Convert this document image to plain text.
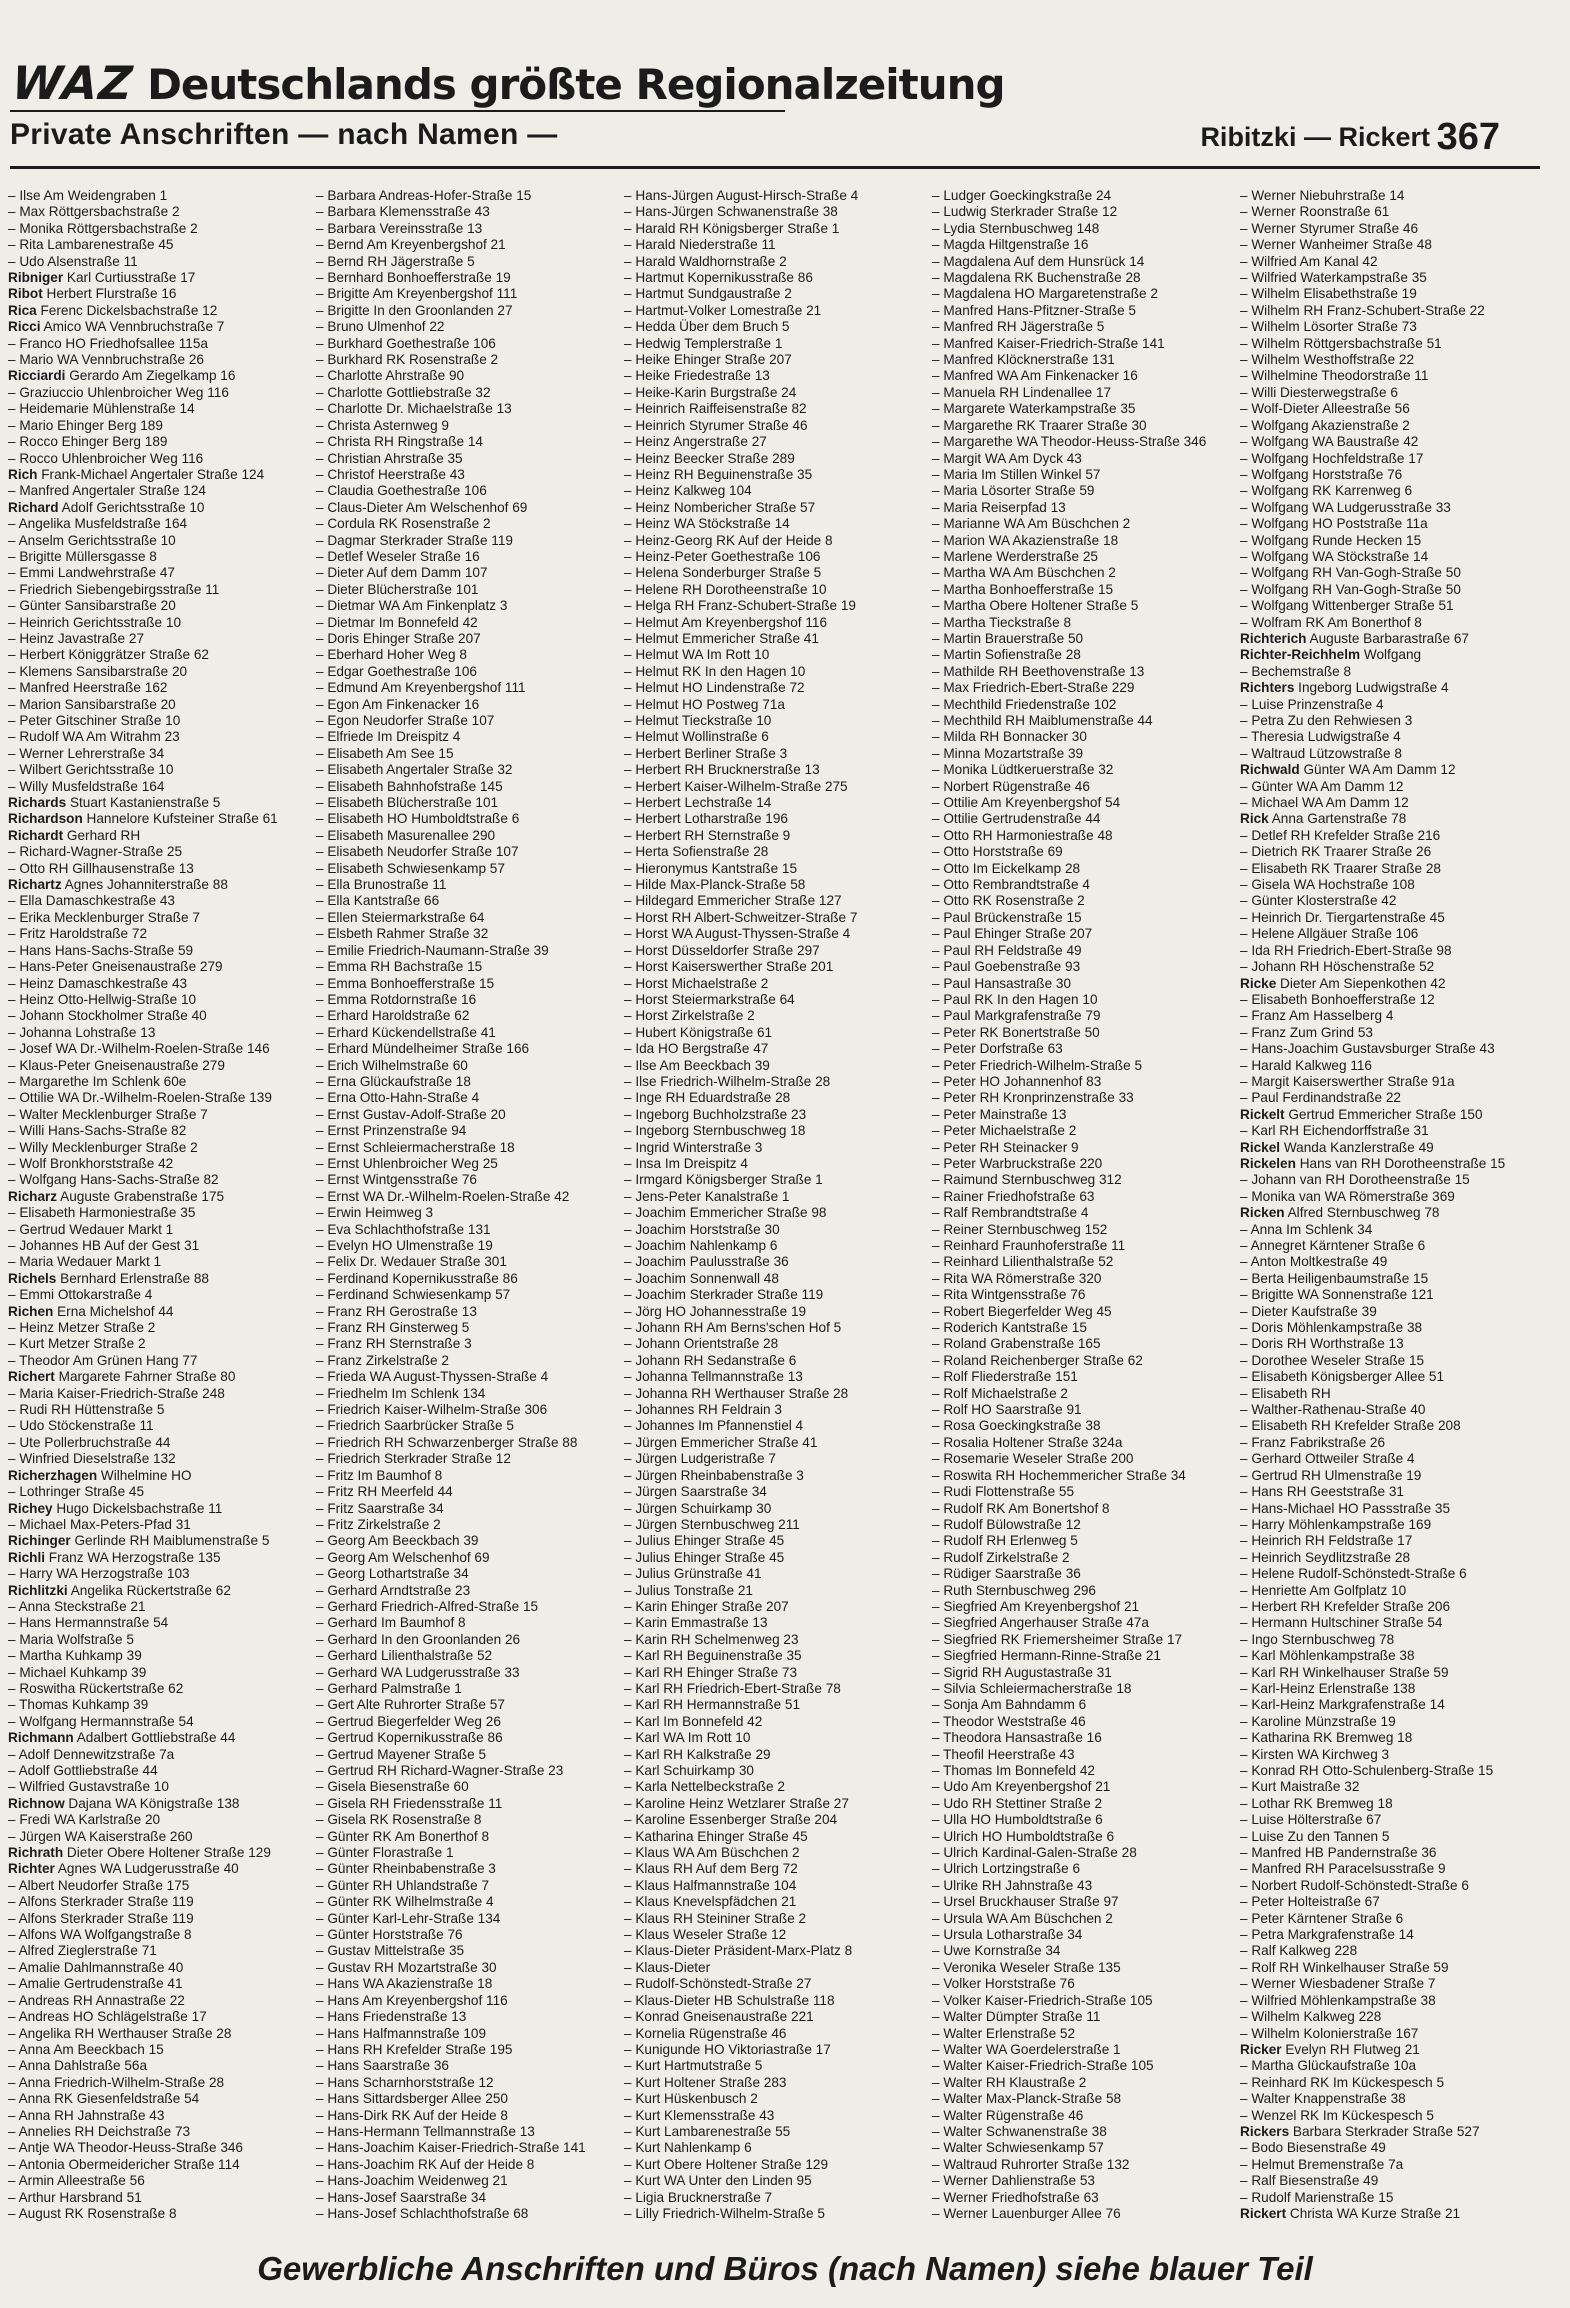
WAZ Deutschlands größte Regionalzeitung
Private Anschriften — nach Namen —	Ribitzki — Rickert 367
– Ilse Am Weidengraben 1
– Max Röttgersbachstraße 2
– Monika Röttgersbachstraße 2
– Rita Lambarenestraße 45
– Udo Alsenstraße 11
Ribniger Karl Curtiusstraße 17
Ribot Herbert Flurstraße 16
Rica Ferenc Dickelsbachstraße 12
Ricci Amico WA Vennbruchstraße 7
– Franco HO Friedhofsallee 115a
– Mario WA Vennbruchstraße 26
Ricciardi Gerardo Am Ziegelkamp 16
– Graziuccio Uhlenbroicher Weg 116
– Heidemarie Mühlenstraße 14
– Mario Ehinger Berg 189
– Rocco Ehinger Berg 189
– Rocco Uhlenbroicher Weg 116
Rich Frank-Michael Angertaler Straße 124
– Manfred Angertaler Straße 124
Richard Adolf Gerichtsstraße 10
– Angelika Musfeldstraße 164
– Anselm Gerichtsstraße 10
– Brigitte Müllersgasse 8
– Emmi Landwehrstraße 47
– Friedrich Siebengebirgsstraße 11
– Günter Sansibarstraße 20
– Heinrich Gerichtsstraße 10
– Heinz Javastraße 27
– Herbert Königgrätzer Straße 62
– Klemens Sansibarstraße 20
– Manfred Heerstraße 162
– Marion Sansibarstraße 20
– Peter Gitschiner Straße 10
– Rudolf WA Am Witrahm 23
– Werner Lehrerstraße 34
– Wilbert Gerichtsstraße 10
– Willy Musfeldstraße 164
Richards Stuart Kastanienstraße 5
Richardson Hannelore Kufsteiner Straße 61
Richardt Gerhard RH
– Richard-Wagner-Straße 25
– Otto RH Gillhausenstraße 13
Richartz Agnes Johanniterstraße 88
– Ella Damaschkestraße 43
– Erika Mecklenburger Straße 7
– Fritz Haroldstraße 72
– Hans Hans-Sachs-Straße 59
– Hans-Peter Gneisenaustraße 279
– Heinz Damaschkestraße 43
– Heinz Otto-Hellwig-Straße 10
– Johann Stockholmer Straße 40
– Johanna Lohstraße 13
– Josef WA Dr.-Wilhelm-Roelen-Straße 146
– Klaus-Peter Gneisenaustraße 279
– Margarethe Im Schlenk 60e
– Ottilie WA Dr.-Wilhelm-Roelen-Straße 139
– Walter Mecklenburger Straße 7
– Willi Hans-Sachs-Straße 82
– Willy Mecklenburger Straße 2
– Wolf Bronkhorststraße 42
– Wolfgang Hans-Sachs-Straße 82
Richarz Auguste Grabenstraße 175
– Elisabeth Harmoniestraße 35
– Gertrud Wedauer Markt 1
– Johannes HB Auf der Gest 31
– Maria Wedauer Markt 1
Richels Bernhard Erlenstraße 88
– Emmi Ottokarstraße 4
Richen Erna Michelshof 44
– Heinz Metzer Straße 2
– Kurt Metzer Straße 2
– Theodor Am Grünen Hang 77
Richert Margarete Fahrner Straße 80
– Maria Kaiser-Friedrich-Straße 248
– Rudi RH Hüttenstraße 5
– Udo Stöckenstraße 11
– Ute Pollerbruchstraße 44
– Winfried Dieselstraße 132
Richerzhagen Wilhelmine HO
– Lothringer Straße 45
Richey Hugo Dickelsbachstraße 11
– Michael Max-Peters-Pfad 31
Richinger Gerlinde RH Maiblumenstraße 5
Richli Franz WA Herzogstraße 135
– Harry WA Herzogstraße 103
Richlitzki Angelika Rückertstraße 62
– Anna Steckstraße 21
– Hans Hermannstraße 54
– Maria Wolfstraße 5
– Martha Kuhkamp 39
– Michael Kuhkamp 39
– Roswitha Rückertstraße 62
– Thomas Kuhkamp 39
– Wolfgang Hermannstraße 54
Richmann Adalbert Gottliebstraße 44
– Adolf Dennewitzstraße 7a
– Adolf Gottliebstraße 44
– Wilfried Gustavstraße 10
Richnow Dajana WA Königstraße 138
– Fredi WA Karlstraße 20
– Jürgen WA Kaiserstraße 260
Richrath Dieter Obere Holtener Straße 129
Richter Agnes WA Ludgerusstraße 40
– Albert Neudorfer Straße 175
– Alfons Sterkrader Straße 119
– Alfons Sterkrader Straße 119
– Alfons WA Wolfgangstraße 8
– Alfred Zieglerstraße 71
– Amalie Dahlmannstraße 40
– Amalie Gertrudenstraße 41
– Andreas RH Annastraße 22
– Andreas HO Schlägelstraße 17
– Angelika RH Werthauser Straße 28
– Anna Am Beeckbach 15
– Anna Dahlstraße 56a
– Anna Friedrich-Wilhelm-Straße 28
– Anna RK Giesenfeldstraße 54
– Anna RH Jahnstraße 43
– Annelies RH Deichstraße 73
– Antje WA Theodor-Heuss-Straße 346
– Antonia Obermeidericher Straße 114
– Armin Alleestraße 56
– Arthur Harsbrand 51
– August RK Rosenstraße 8
– Barbara Andreas-Hofer-Straße 15
– Barbara Klemensstraße 43
– Barbara Vereinsstraße 13
– Bernd Am Kreyenbergshof 21
– Bernd RH Jägerstraße 5
– Bernhard Bonhoefferstraße 19
– Brigitte Am Kreyenbergshof 111
– Brigitte In den Groonlanden 27
– Bruno Ulmenhof 22
– Burkhard Goethestraße 106
– Burkhard RK Rosenstraße 2
– Charlotte Ahrstraße 90
– Charlotte Gottliebstraße 32
– Charlotte Dr. Michaelstraße 13
– Christa Asternweg 9
– Christa RH Ringstraße 14
– Christian Ahrstraße 35
– Christof Heerstraße 43
– Claudia Goethestraße 106
– Claus-Dieter Am Welschenhof 69
– Cordula RK Rosenstraße 2
– Dagmar Sterkrader Straße 119
– Detlef Weseler Straße 16
– Dieter Auf dem Damm 107
– Dieter Blücherstraße 101
– Dietmar WA Am Finkenplatz 3
– Dietmar Im Bonnefeld 42
– Doris Ehinger Straße 207
– Eberhard Hoher Weg 8
– Edgar Goethestraße 106
– Edmund Am Kreyenbergshof 111
– Egon Am Finkenacker 16
– Egon Neudorfer Straße 107
– Elfriede Im Dreispitz 4
– Elisabeth Am See 15
– Elisabeth Angertaler Straße 32
– Elisabeth Bahnhofstraße 145
– Elisabeth Blücherstraße 101
– Elisabeth HO Humboldtstraße 6
– Elisabeth Masurenallee 290
– Elisabeth Neudorfer Straße 107
– Elisabeth Schwiesenkamp 57
– Ella Brunostraße 11
– Ella Kantstraße 66
– Ellen Steiermarkstraße 64
– Elsbeth Rahmer Straße 32
– Emilie Friedrich-Naumann-Straße 39
– Emma RH Bachstraße 15
– Emma Bonhoefferstraße 15
– Emma Rotdornstraße 16
– Erhard Haroldstraße 62
– Erhard Kückendellstraße 41
– Erhard Mündelheimer Straße 166
– Erich Wilhelmstraße 60
– Erna Glückaufstraße 18
– Erna Otto-Hahn-Straße 4
– Ernst Gustav-Adolf-Straße 20
– Ernst Prinzenstraße 94
– Ernst Schleiermacherstraße 18
– Ernst Uhlenbroicher Weg 25
– Ernst Wintgensstraße 76
– Ernst WA Dr.-Wilhelm-Roelen-Straße 42
– Erwin Heimweg 3
– Eva Schlachthofstraße 131
– Evelyn HO Ulmenstraße 19
– Felix Dr. Wedauer Straße 301
– Ferdinand Kopernikusstraße 86
– Ferdinand Schwiesenkamp 57
– Franz RH Gerostraße 13
– Franz RH Ginsterweg 5
– Franz RH Sternstraße 3
– Franz Zirkelstraße 2
– Frieda WA August-Thyssen-Straße 4
– Friedhelm Im Schlenk 134
– Friedrich Kaiser-Wilhelm-Straße 306
– Friedrich Saarbrücker Straße 5
– Friedrich RH Schwarzenberger Straße 88
– Friedrich Sterkrader Straße 12
– Fritz Im Baumhof 8
– Fritz RH Meerfeld 44
– Fritz Saarstraße 34
– Fritz Zirkelstraße 2
– Georg Am Beeckbach 39
– Georg Am Welschenhof 69
– Georg Lothartstraße 34
– Gerhard Arndtstraße 23
– Gerhard Friedrich-Alfred-Straße 15
– Gerhard Im Baumhof 8
– Gerhard In den Groonlanden 26
– Gerhard Lilienthalstraße 52
– Gerhard WA Ludgerusstraße 33
– Gerhard Palmstraße 1
– Gert Alte Ruhrorter Straße 57
– Gertrud Biegerfelder Weg 26
– Gertrud Kopernikusstraße 86
– Gertrud Mayener Straße 5
– Gertrud RH Richard-Wagner-Straße 23
– Gisela Biesenstraße 60
– Gisela RH Friedensstraße 11
– Gisela RK Rosenstraße 8
– Günter RK Am Bonerthof 8
– Günter Florastraße 1
– Günter Rheinbabenstraße 3
– Günter RH Uhlandstraße 7
– Günter RK Wilhelmstraße 4
– Günter Karl-Lehr-Straße 134
– Günter Horststraße 76
– Gustav Mittelstraße 35
– Gustav RH Mozartstraße 30
– Hans WA Akazienstraße 18
– Hans Am Kreyenbergshof 116
– Hans Friedenstraße 13
– Hans Halfmannstraße 109
– Hans RH Krefelder Straße 195
– Hans Saarstraße 36
– Hans Scharnhorststraße 12
– Hans Sittardsberger Allee 250
– Hans-Dirk RK Auf der Heide 8
– Hans-Hermann Tellmannstraße 13
– Hans-Joachim Kaiser-Friedrich-Straße 141
– Hans-Joachim RK Auf der Heide 8
– Hans-Joachim Weidenweg 21
– Hans-Josef Saarstraße 34
– Hans-Josef Schlachthofstraße 68
– Hans-Jürgen August-Hirsch-Straße 4
– Hans-Jürgen Schwanenstraße 38
– Harald RH Königsberger Straße 1
– Harald Niederstraße 11
– Harald Waldhornstraße 2
– Hartmut Kopernikusstraße 86
– Hartmut Sundgaustraße 2
– Hartmut-Volker Lomestraße 21
– Hedda Über dem Bruch 5
– Hedwig Templerstraße 1
– Heike Ehinger Straße 207
– Heike Friedestraße 13
– Heike-Karin Burgstraße 24
– Heinrich Raiffeisenstraße 82
– Heinrich Styrumer Straße 46
– Heinz Angerstraße 27
– Heinz Beecker Straße 289
– Heinz RH Beguinenstraße 35
– Heinz Kalkweg 104
– Heinz Nombericher Straße 57
– Heinz WA Stöckstraße 14
– Heinz-Georg RK Auf der Heide 8
– Heinz-Peter Goethestraße 106
– Helena Sonderburger Straße 5
– Helene RH Dorotheenstraße 10
– Helga RH Franz-Schubert-Straße 19
– Helmut Am Kreyenbergshof 116
– Helmut Emmericher Straße 41
– Helmut WA Im Rott 10
– Helmut RK In den Hagen 10
– Helmut HO Lindenstraße 72
– Helmut HO Postweg 71a
– Helmut Tieckstraße 10
– Helmut Wollinstraße 6
– Herbert Berliner Straße 3
– Herbert RH Brucknerstraße 13
– Herbert Kaiser-Wilhelm-Straße 275
– Herbert Lechstraße 14
– Herbert Lotharstraße 196
– Herbert RH Sternstraße 9
– Herta Sofienstraße 28
– Hieronymus Kantstraße 15
– Hilde Max-Planck-Straße 58
– Hildegard Emmericher Straße 127
– Horst RH Albert-Schweitzer-Straße 7
– Horst WA August-Thyssen-Straße 4
– Horst Düsseldorfer Straße 297
– Horst Kaiserswerther Straße 201
– Horst Michaelstraße 2
– Horst Steiermarkstraße 64
– Horst Zirkelstraße 2
– Hubert Königstraße 61
– Ida HO Bergstraße 47
– Ilse Am Beeckbach 39
– Ilse Friedrich-Wilhelm-Straße 28
– Inge RH Eduardstraße 28
– Ingeborg Buchholzstraße 23
– Ingeborg Sternbuschweg 18
– Ingrid Winterstraße 3
– Insa Im Dreispitz 4
– Irmgard Königsberger Straße 1
– Jens-Peter Kanalstraße 1
– Joachim Emmericher Straße 98
– Joachim Horststraße 30
– Joachim Nahlenkamp 6
– Joachim Paulusstraße 36
– Joachim Sonnenwall 48
– Joachim Sterkrader Straße 119
– Jörg HO Johannesstraße 19
– Johann RH Am Berns'schen Hof 5
– Johann Orientstraße 28
– Johann RH Sedanstraße 6
– Johanna Tellmannstraße 13
– Johanna RH Werthauser Straße 28
– Johannes RH Feldrain 3
– Johannes Im Pfannenstiel 4
– Jürgen Emmericher Straße 41
– Jürgen Ludgeristraße 7
– Jürgen Rheinbabenstraße 3
– Jürgen Saarstraße 34
– Jürgen Schuirkamp 30
– Jürgen Sternbuschweg 211
– Julius Ehinger Straße 45
– Julius Ehinger Straße 45
– Julius Grünstraße 41
– Julius Tonstraße 21
– Karin Ehinger Straße 207
– Karin Emmastraße 13
– Karin RH Schelmenweg 23
– Karl RH Beguinenstraße 35
– Karl RH Ehinger Straße 73
– Karl RH Friedrich-Ebert-Straße 78
– Karl RH Hermannstraße 51
– Karl Im Bonnefeld 42
– Karl WA Im Rott 10
– Karl RH Kalkstraße 29
– Karl Schuirkamp 30
– Karla Nettelbeckstraße 2
– Karoline Heinz Wetzlarer Straße 27
– Karoline Essenberger Straße 204
– Katharina Ehinger Straße 45
– Klaus WA Am Büschchen 2
– Klaus RH Auf dem Berg 72
– Klaus Halfmannstraße 104
– Klaus Knevelspfädchen 21
– Klaus RH Steininer Straße 2
– Klaus Weseler Straße 12
– Klaus-Dieter Präsident-Marx-Platz 8
– Klaus-Dieter
– Rudolf-Schönstedt-Straße 27
– Klaus-Dieter HB Schulstraße 118
– Konrad Gneisenaustraße 221
– Kornelia Rügenstraße 46
– Kunigunde HO Viktoriastraße 17
– Kurt Hartmutstraße 5
– Kurt Holtener Straße 283
– Kurt Hüskenbusch 2
– Kurt Klemensstraße 43
– Kurt Lambarenestraße 55
– Kurt Nahlenkamp 6
– Kurt Obere Holtener Straße 129
– Kurt WA Unter den Linden 95
– Ligia Brucknerstraße 7
– Lilly Friedrich-Wilhelm-Straße 5
– Ludger Goeckingkstraße 24
– Ludwig Sterkrader Straße 12
– Lydia Sternbuschweg 148
– Magda Hiltgenstraße 16
– Magdalena Auf dem Hunsrück 14
– Magdalena RK Buchenstraße 28
– Magdalena HO Margaretenstraße 2
– Manfred Hans-Pfitzner-Straße 5
– Manfred RH Jägerstraße 5
– Manfred Kaiser-Friedrich-Straße 141
– Manfred Klöcknerstraße 131
– Manfred WA Am Finkenacker 16
– Manuela RH Lindenallee 17
– Margarete Waterkampstraße 35
– Margarethe RK Traarer Straße 30
– Margarethe WA Theodor-Heuss-Straße 346
– Margit WA Am Dyck 43
– Maria Im Stillen Winkel 57
– Maria Lösorter Straße 59
– Maria Reiserpfad 13
– Marianne WA Am Büschchen 2
– Marion WA Akazienstraße 18
– Marlene Werderstraße 25
– Martha WA Am Büschchen 2
– Martha Bonhoefferstraße 15
– Martha Obere Holtener Straße 5
– Martha Tieckstraße 8
– Martin Brauerstraße 50
– Martin Sofienstraße 28
– Mathilde RH Beethovenstraße 13
– Max Friedrich-Ebert-Straße 229
– Mechthild Friedenstraße 102
– Mechthild RH Maiblumenstraße 44
– Milda RH Bonnacker 30
– Minna Mozartstraße 39
– Monika Lüdtkeruerstraße 32
– Norbert Rügenstraße 46
– Ottilie Am Kreyenbergshof 54
– Ottilie Gertrudenstraße 44
– Otto RH Harmoniestraße 48
– Otto Horststraße 69
– Otto Im Eickelkamp 28
– Otto Rembrandtstraße 4
– Otto RK Rosenstraße 2
– Paul Brückenstraße 15
– Paul Ehinger Straße 207
– Paul RH Feldstraße 49
– Paul Goebenstraße 93
– Paul Hansastraße 30
– Paul RK In den Hagen 10
– Paul Markgrafenstraße 79
– Peter RK Bonertstraße 50
– Peter Dorfstraße 63
– Peter Friedrich-Wilhelm-Straße 5
– Peter HO Johannenhof 83
– Peter RH Kronprinzenstraße 33
– Peter Mainstraße 13
– Peter Michaelstraße 2
– Peter RH Steinacker 9
– Peter Warbruckstraße 220
– Raimund Sternbuschweg 312
– Rainer Friedhofstraße 63
– Ralf Rembrandtstraße 4
– Reiner Sternbuschweg 152
– Reinhard Fraunhoferstraße 11
– Reinhard Lilienthalstraße 52
– Rita WA Römerstraße 320
– Rita Wintgensstraße 76
– Robert Biegerfelder Weg 45
– Roderich Kantstraße 15
– Roland Grabenstraße 165
– Roland Reichenberger Straße 62
– Rolf Fliederstraße 151
– Rolf Michaelstraße 2
– Rolf HO Saarstraße 91
– Rosa Goeckingkstraße 38
– Rosalia Holtener Straße 324a
– Rosemarie Weseler Straße 200
– Roswita RH Hochemmericher Straße 34
– Rudi Flottenstraße 55
– Rudolf RK Am Bonertshof 8
– Rudolf Bülowstraße 12
– Rudolf RH Erlenweg 5
– Rudolf Zirkelstraße 2
– Rüdiger Saarstraße 36
– Ruth Sternbuschweg 296
– Siegfried Am Kreyenbergshof 21
– Siegfried Angerhauser Straße 47a
– Siegfried RK Friemersheimer Straße 17
– Siegfried Hermann-Rinne-Straße 21
– Sigrid RH Augustastraße 31
– Silvia Schleiermacherstraße 18
– Sonja Am Bahndamm 6
– Theodor Weststraße 46
– Theodora Hansastraße 16
– Theofil Heerstraße 43
– Thomas Im Bonnefeld 42
– Udo Am Kreyenbergshof 21
– Udo RH Stettiner Straße 2
– Ulla HO Humboldtstraße 6
– Ulrich HO Humboldtstraße 6
– Ulrich Kardinal-Galen-Straße 28
– Ulrich Lortzingstraße 6
– Ulrike RH Jahnstraße 43
– Ursel Bruckhauser Straße 97
– Ursula WA Am Büschchen 2
– Ursula Lotharstraße 34
– Uwe Kornstraße 34
– Veronika Weseler Straße 135
– Volker Horststraße 76
– Volker Kaiser-Friedrich-Straße 105
– Walter Dümpter Straße 11
– Walter Erlenstraße 52
– Walter WA Goerdelerstraße 1
– Walter Kaiser-Friedrich-Straße 105
– Walter RH Klaustraße 2
– Walter Max-Planck-Straße 58
– Walter Rügenstraße 46
– Walter Schwanenstraße 38
– Walter Schwiesenkamp 57
– Waltraud Ruhrorter Straße 132
– Werner Dahlienstraße 53
– Werner Friedhofstraße 63
– Werner Lauenburger Allee 76
– Werner Niebuhrstraße 14
– Werner Roonstraße 61
– Werner Styrumer Straße 46
– Werner Wanheimer Straße 48
– Wilfried Am Kanal 42
– Wilfried Waterkampstraße 35
– Wilhelm Elisabethstraße 19
– Wilhelm RH Franz-Schubert-Straße 22
– Wilhelm Lösorter Straße 73
– Wilhelm Röttgersbachstraße 51
– Wilhelm Westhoffstraße 22
– Wilhelmine Theodorstraße 11
– Willi Diesterwegstraße 6
– Wolf-Dieter Alleestraße 56
– Wolfgang Akazienstraße 2
– Wolfgang WA Baustraße 42
– Wolfgang Hochfeldstraße 17
– Wolfgang Horststraße 76
– Wolfgang RK Karrenweg 6
– Wolfgang WA Ludgerusstraße 33
– Wolfgang HO Poststraße 11a
– Wolfgang Runde Hecken 15
– Wolfgang WA Stöckstraße 14
– Wolfgang RH Van-Gogh-Straße 50
– Wolfgang RH Van-Gogh-Straße 50
– Wolfgang Wittenberger Straße 51
– Wolfram RK Am Bonerthof 8
Richterich Auguste Barbarastraße 67
Richter-Reichhelm Wolfgang
– Bechemstraße 8
Richters Ingeborg Ludwigstraße 4
– Luise Prinzenstraße 4
– Petra Zu den Rehwiesen 3
– Theresia Ludwigstraße 4
– Waltraud Lützowstraße 8
Richwald Günter WA Am Damm 12
– Günter WA Am Damm 12
– Michael WA Am Damm 12
Rick Anna Gartenstraße 78
– Detlef RH Krefelder Straße 216
– Dietrich RK Traarer Straße 26
– Elisabeth RK Traarer Straße 28
– Gisela WA Hochstraße 108
– Günter Klosterstraße 42
– Heinrich Dr. Tiergartenstraße 45
– Helene Allgäuer Straße 106
– Ida RH Friedrich-Ebert-Straße 98
– Johann RH Höschenstraße 52
Ricke Dieter Am Siepenkothen 42
– Elisabeth Bonhoefferstraße 12
– Franz Am Hasselberg 4
– Franz Zum Grind 53
– Hans-Joachim Gustavsburger Straße 43
– Harald Kalkweg 116
– Margit Kaiserswerther Straße 91a
– Paul Ferdinandstraße 22
Rickelt Gertrud Emmericher Straße 150
– Karl RH Eichendorffstraße 31
Rickel Wanda Kanzlerstraße 49
Rickelen Hans van RH Dorotheenstraße 15
– Johann van RH Dorotheenstraße 15
– Monika van WA Römerstraße 369
Ricken Alfred Sternbuschweg 78
– Anna Im Schlenk 34
– Annegret Kärntener Straße 6
– Anton Moltkestraße 49
– Berta Heiligenbaumstraße 15
– Brigitte WA Sonnenstraße 121
– Dieter Kaufstraße 39
– Doris Möhlenkampstraße 38
– Doris RH Worthstraße 13
– Dorothee Weseler Straße 15
– Elisabeth Königsberger Allee 51
– Elisabeth RH
– Walther-Rathenau-Straße 40
– Elisabeth RH Krefelder Straße 208
– Franz Fabrikstraße 26
– Gerhard Ottweiler Straße 4
– Gertrud RH Ulmenstraße 19
– Hans RH Geeststraße 31
– Hans-Michael HO Passstraße 35
– Harry Möhlenkampstraße 169
– Heinrich RH Feldstraße 17
– Heinrich Seydlitzstraße 28
– Helene Rudolf-Schönstedt-Straße 6
– Henriette Am Golfplatz 10
– Herbert RH Krefelder Straße 206
– Hermann Hultschiner Straße 54
– Ingo Sternbuschweg 78
– Karl Möhlenkampstraße 38
– Karl RH Winkelhauser Straße 59
– Karl-Heinz Erlenstraße 138
– Karl-Heinz Markgrafenstraße 14
– Karoline Münzstraße 19
– Katharina RK Bremweg 18
– Kirsten WA Kirchweg 3
– Konrad RH Otto-Schulenberg-Straße 15
– Kurt Maistraße 32
– Lothar RK Bremweg 18
– Luise Hölterstraße 67
– Luise Zu den Tannen 5
– Manfred HB Pandernstraße 36
– Manfred RH Paracelsusstraße 9
– Norbert Rudolf-Schönstedt-Straße 6
– Peter Holteistraße 67
– Peter Kärntener Straße 6
– Petra Markgrafenstraße 14
– Ralf Kalkweg 228
– Rolf RH Winkelhauser Straße 59
– Werner Wiesbadener Straße 7
– Wilfried Möhlenkampstraße 38
– Wilhelm Kalkweg 228
– Wilhelm Kolonierstraße 167
Ricker Evelyn RH Flutweg 21
– Martha Glückaufstraße 10a
– Reinhard RK Im Kückespesch 5
– Walter Knappenstraße 38
– Wenzel RK Im Kückespesch 5
Rickers Barbara Sterkrader Straße 527
– Bodo Biesenstraße 49
– Helmut Bremenstraße 7a
– Ralf Biesenstraße 49
– Rudolf Marienstraße 15
Rickert Christa WA Kurze Straße 21
Gewerbliche Anschriften und Büros (nach Namen) siehe blauer Teil
